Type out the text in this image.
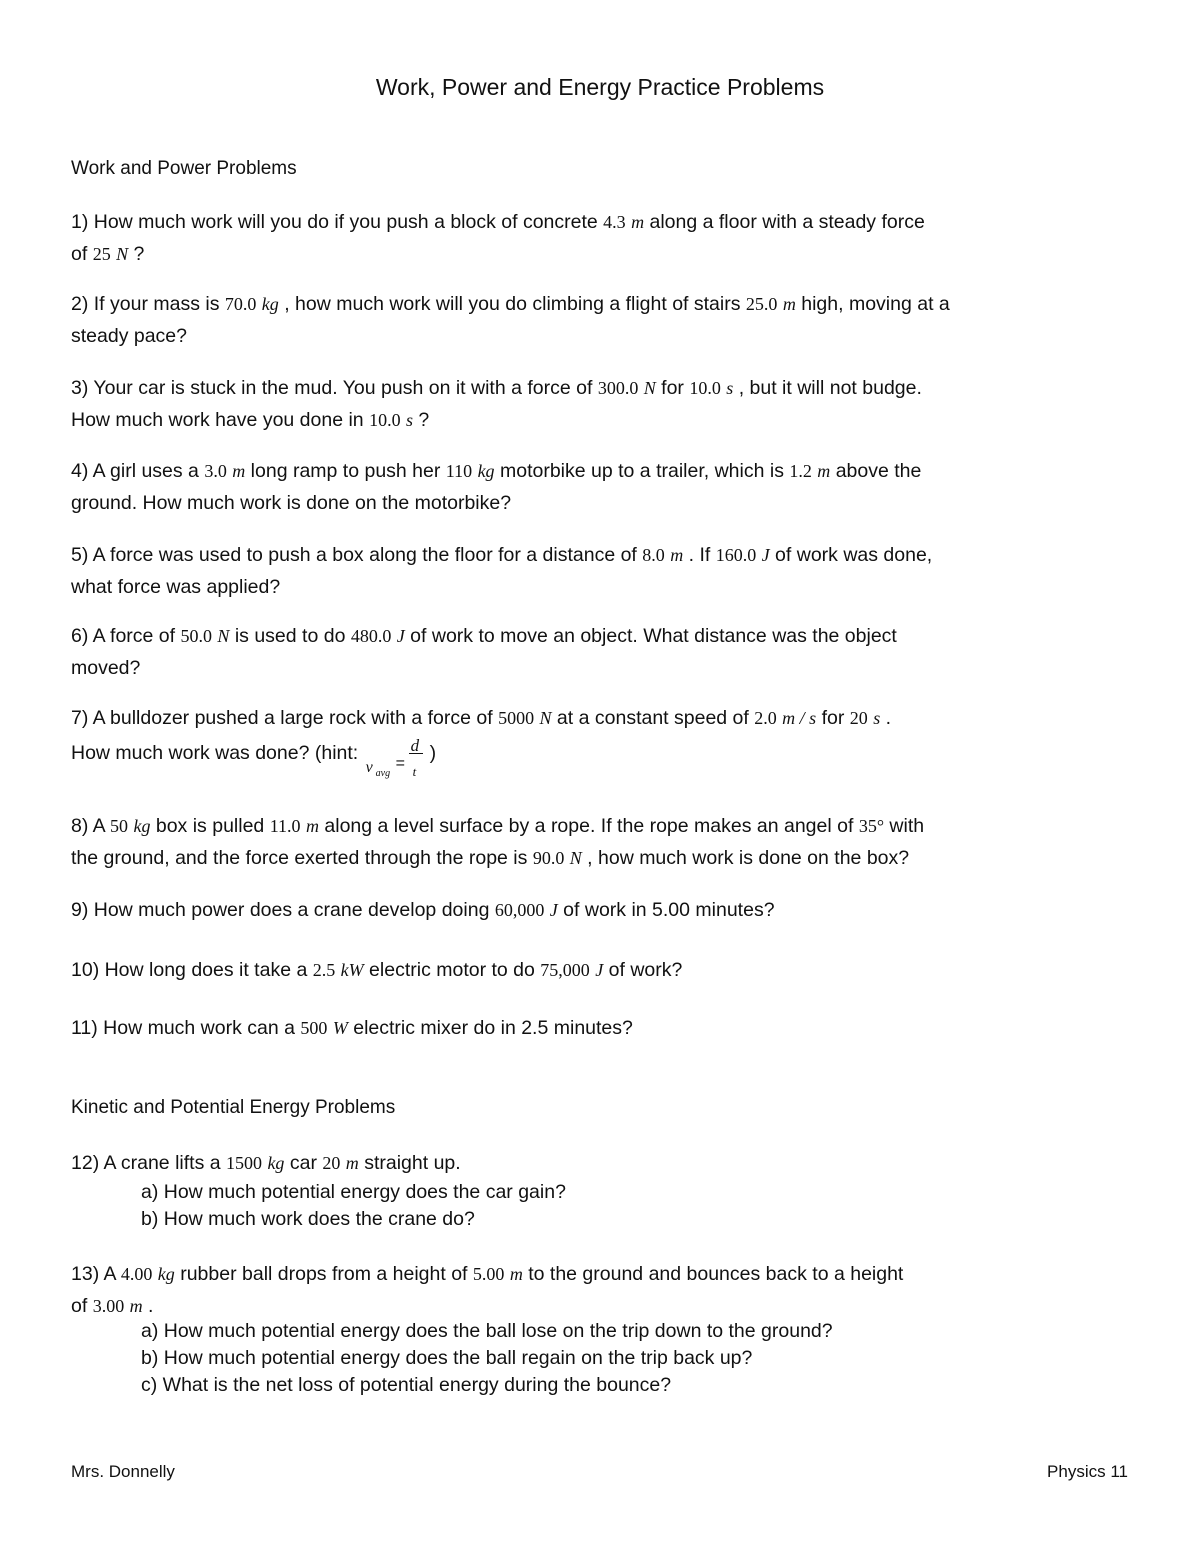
Work, Power and Energy Practice Problems
Work and Power Problems
1) How much work will you do if you push a block of concrete 4.3 m along a floor with a steady force
of 25 N ?
2) If your mass is 70.0 kg , how much work will you do climbing a flight of stairs 25.0 m high, moving at a
steady pace?
3) Your car is stuck in the mud. You push on it with a force of 300.0 N for 10.0 s , but it will not budge.
How much work have you done in 10.0 s ?
4) A girl uses a 3.0 m long ramp to push her 110 kg motorbike up to a trailer, which is 1.2 m above the
ground. How much work is done on the motorbike?
5) A force was used to push a box along the floor for a distance of 8.0 m . If 160.0 J of work was done,
what force was applied?
6) A force of 50.0 N is used to do 480.0 J of work to move an object. What distance was the object
moved?
7) A bulldozer pushed a large rock with a force of 5000 N at a constant speed of 2.0 m / s for 20 s .
How much work was done? (hint:
v avg
=
d
t
)
8) A 50 kg box is pulled 11.0 m along a level surface by a rope. If the rope makes an angel of 35° with
the ground, and the force exerted through the rope is 90.0 N , how much work is done on the box?
9) How much power does a crane develop doing 60,000 J of work in 5.00 minutes?
10) How long does it take a 2.5 kW electric motor to do 75,000 J of work?
11) How much work can a 500 W electric mixer do in 2.5 minutes?
Kinetic and Potential Energy Problems
12) A crane lifts a 1500 kg car 20 m straight up.
a) How much potential energy does the car gain?
b) How much work does the crane do?
13) A 4.00 kg rubber ball drops from a height of 5.00 m to the ground and bounces back to a height
of 3.00 m .
a) How much potential energy does the ball lose on the trip down to the ground?
b) How much potential energy does the ball regain on the trip back up?
c) What is the net loss of potential energy during the bounce?
Mrs. Donnelly	Physics 11
